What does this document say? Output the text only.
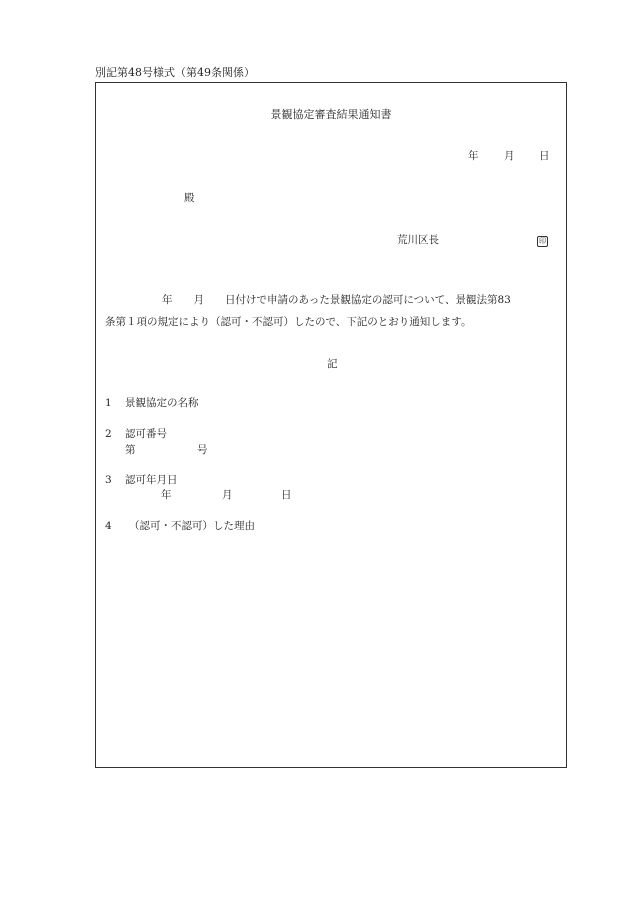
別記第48号様式（第49条関係）
景観協定審査結果通知書
年 月 日
殿
荒川区長	印
年　　月　　日付けで申請のあった景観協定の認可について、景観法第83
条第１項の規定により（認可・不認可）したので、下記のとおり通知します。
記
1 景観協定の名称
2 認可番号
第	号
3 認可年月日
年	月	日
4 （認可・不認可）した理由
